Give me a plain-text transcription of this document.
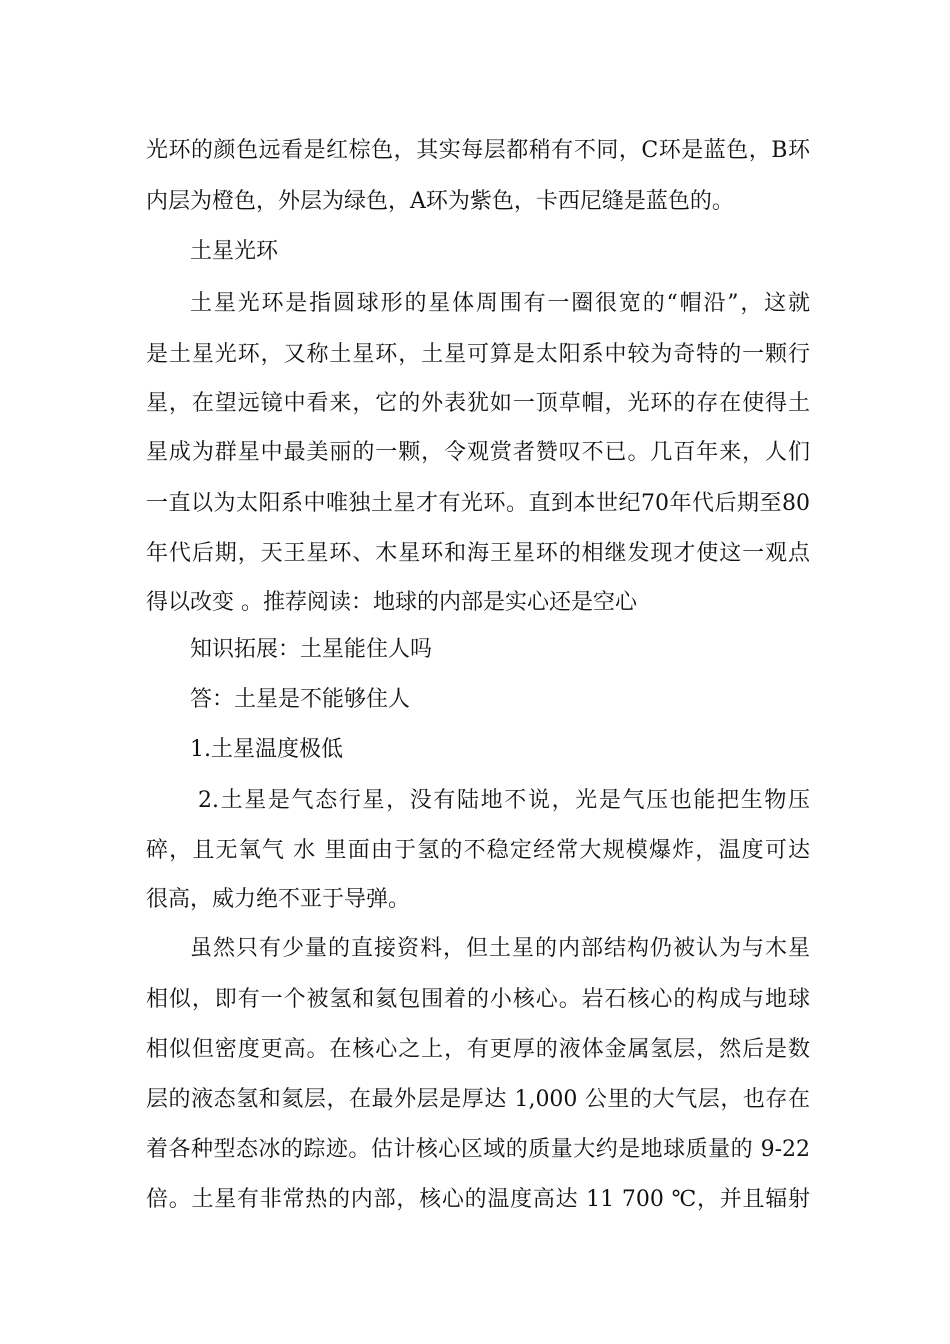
光环的颜色远看是红棕色，其实每层都稍有不同，C环是蓝色，B环
内层为橙色，外层为绿色，A环为紫色，卡西尼缝是蓝色的。
土星光环
土星光环是指圆球形的星体周围有一圈很宽的“帽沿”，这就
是土星光环，又称土星环，土星可算是太阳系中较为奇特的一颗行
星，在望远镜中看来，它的外表犹如一顶草帽，光环的存在使得土
星成为群星中最美丽的一颗，令观赏者赞叹不已。几百年来，人们
一直以为太阳系中唯独土星才有光环。直到本世纪70年代后期至80
年代后期，天王星环、木星环和海王星环的相继发现才使这一观点
得以改变 。推荐阅读：地球的内部是实心还是空心
知识拓展：土星能住人吗
答：土星是不能够住人
1.土星温度极低
2.土星是气态行星，没有陆地不说，光是气压也能把生物压
碎，且无氧气 水 里面由于氢的不稳定经常大规模爆炸，温度可达
很高，威力绝不亚于导弹。
虽然只有少量的直接资料，但土星的内部结构仍被认为与木星
相似，即有一个被氢和氦包围着的小核心。岩石核心的构成与地球
相似但密度更高。在核心之上，有更厚的液体金属氢层，然后是数
层的液态氢和氦层，在最外层是厚达 1,000 公里的大气层，也存在
着各种型态冰的踪迹。估计核心区域的质量大约是地球质量的 9-22
倍。土星有非常热的内部，核心的温度高达 11 700 ℃，并且辐射
